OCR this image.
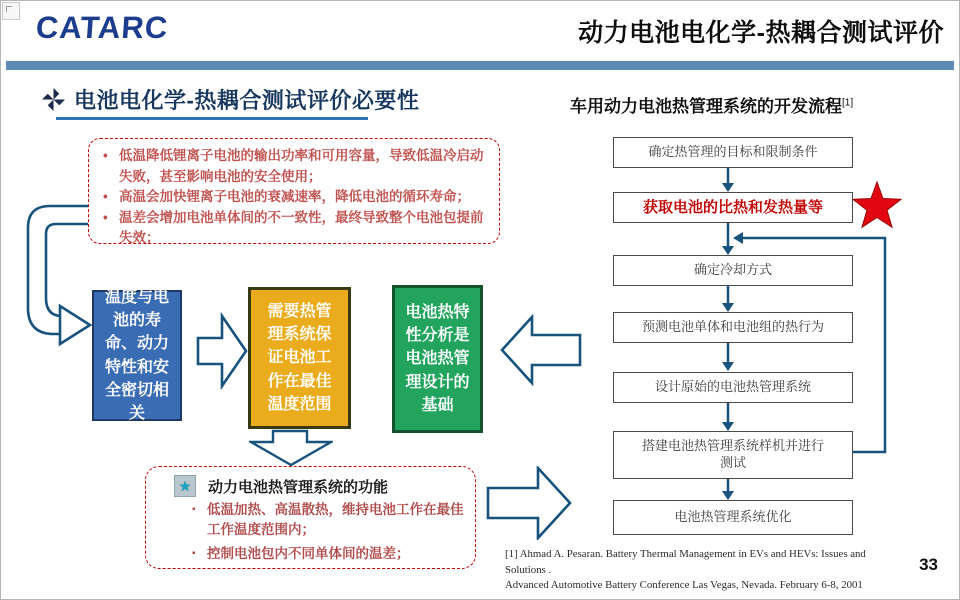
CATARC	动力电池电化学-热耦合测试评价
电池电化学-热耦合测试评价必要性
• 低温降低锂离子电池的输出功率和可用容量，导致低温冷启动失败，甚至影响电池的安全使用；
• 高温会加快锂离子电池的衰减速率，降低电池的循环寿命；
• 温差会增加电池单体间的不一致性，最终导致整个电池包提前失效；
温度与电池的寿命、动力特性和安全密切相关
需要热管理系统保证电池工作在最佳温度范围
电池热特性分析是电池热管理设计的基础
★	动力电池热管理系统的功能
▪ 低温加热、高温散热，维持电池工作在最佳工作温度范围内；
▪ 控制电池包内不同单体间的温差；
车用动力电池热管理系统的开发流程[1]
确定热管理的目标和限制条件
获取电池的比热和发热量等
确定冷却方式
预测电池单体和电池组的热行为
设计原始的电池热管理系统
搭建电池热管理系统样机并进行测试
电池热管理系统优化
[1] Ahmad A. Pesaran. Battery Thermal Management in EVs and HEVs: Issues and Solutions .
Advanced Automotive Battery Conference Las Vegas, Nevada. February 6-8, 2001
33
